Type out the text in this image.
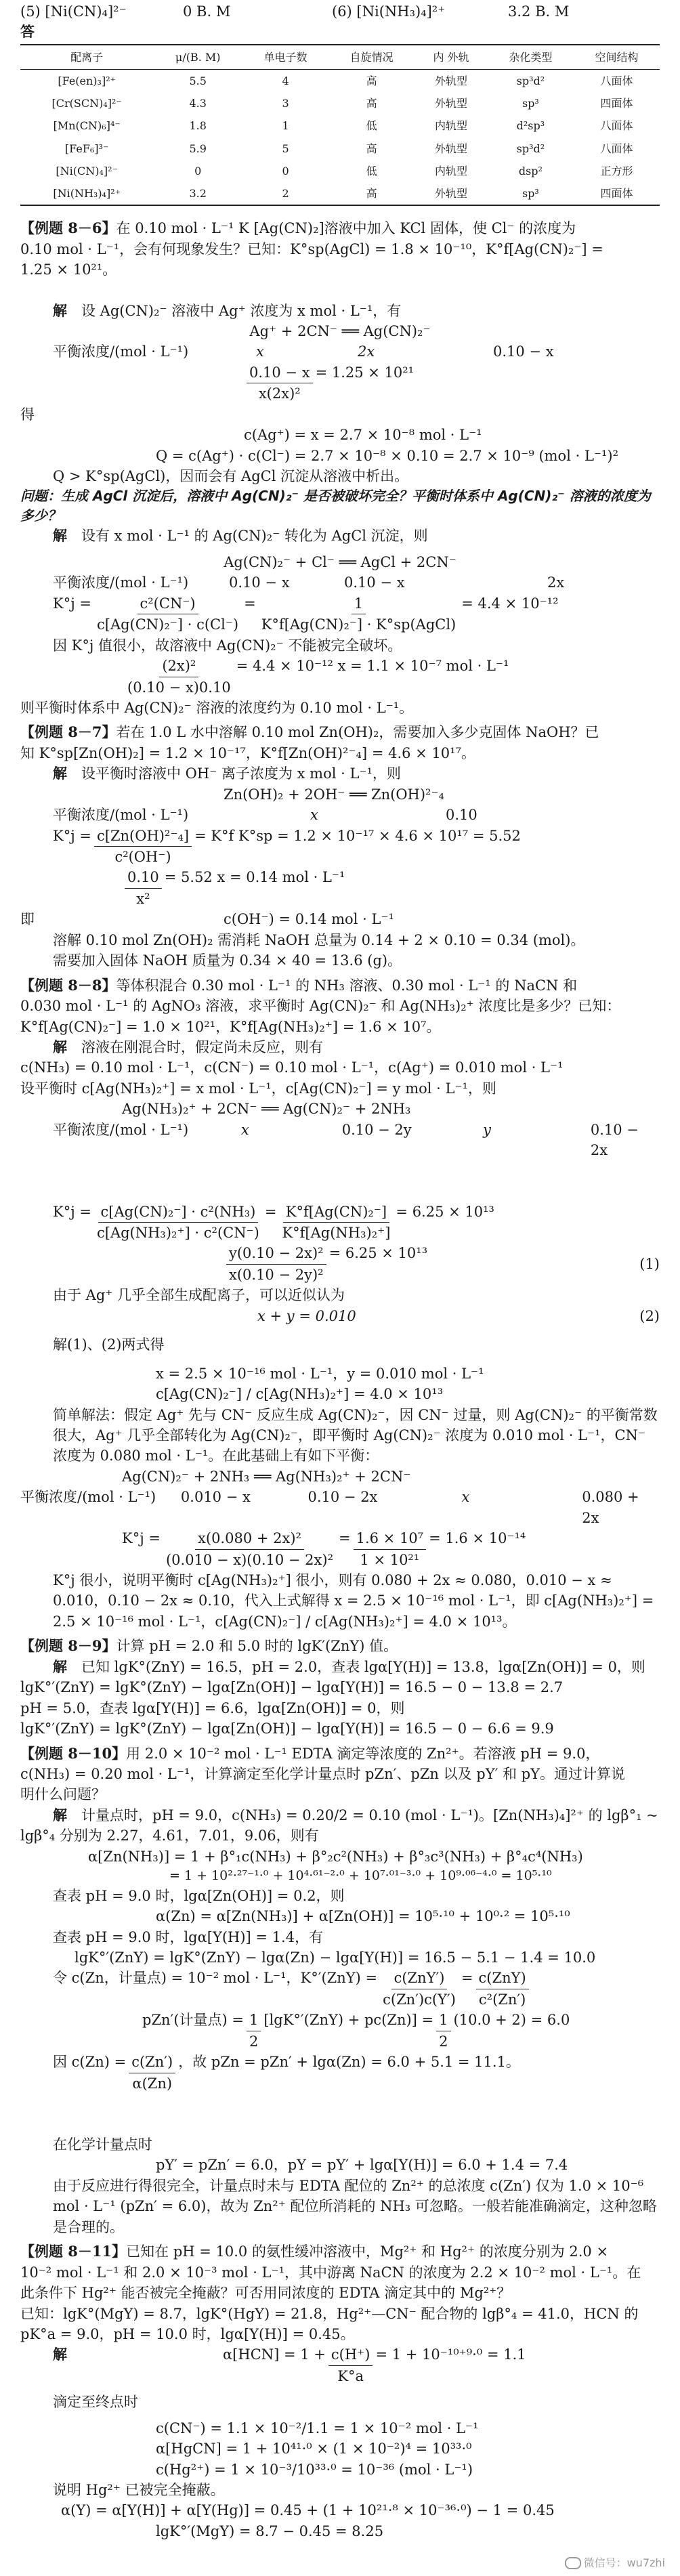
(5) [Ni(CN)₄]²⁻	0 B. M	(6) [Ni(NH₃)₄]²⁺	3.2 B. M
答
配离子	μ/(B. M)	单电子数	自旋情况	内 外轨	杂化类型	空间结构
[Fe(en)₃]²⁺	5.5	4	高	外轨型	sp³d²	八面体
[Cr(SCN)₄]²⁻	4.3	3	高	外轨型	sp³	四面体
[Mn(CN)₆]⁴⁻	1.8	1	低	内轨型	d²sp³	八面体
[FeF₆]³⁻	5.9	5	高	外轨型	sp³d²	八面体
[Ni(CN)₄]²⁻	0	0	低	内轨型	dsp²	正方形
[Ni(NH₃)₄]²⁺	3.2	2	高	外轨型	sp³	四面体

【例题 8－6】在 0.10 mol · L⁻¹ K [Ag(CN)₂]溶液中加入 KCl 固体，使 Cl⁻ 的浓度为

0.10 mol · L⁻¹，会有何现象发生？已知：K°sp(AgCl) = 1.8 × 10⁻¹⁰，K°f[Ag(CN)₂⁻] =

1.25 × 10²¹。

解　 设 Ag(CN)₂⁻ 溶液中 Ag⁺ 浓度为 x mol · L⁻¹，有

Ag⁺ + 2CN⁻ ══ Ag(CN)₂⁻

平衡浓度/(mol · L⁻¹)	x	2x	0.10 − x
$\frac{0.10 - x}{\text{x(2x)²}} = 1.25 \times 10^{21}$

得

c(Ag⁺) = x = 2.7 × 10⁻⁸ mol · L⁻¹

Q = c(Ag⁺) · c(Cl⁻) = 2.7 × 10⁻⁸ × 0.10 = 2.7 × 10⁻⁹ (mol · L⁻¹)²

Q > K°sp(AgCl)，因而会有 AgCl 沉淀从溶液中析出。

问题：生成 AgCl 沉淀后，溶液中 Ag(CN)₂⁻ 是否被破坏完全？平衡时体系中 Ag(CN)₂⁻ 溶液的浓度为多少？

解　 设有 x mol · L⁻¹ 的 Ag(CN)₂⁻ 转化为 AgCl 沉淀，则

Ag(CN)₂⁻ + Cl⁻ ══ AgCl + 2CN⁻

平衡浓度/(mol · L⁻¹)	0.10 − x	0.10 − x	2x
$K^\circ j = \frac{\text{c²(CN⁻)}}{\text{c[Ag(CN)₂⁻] · c(Cl⁻)}} = \frac{1}{\text{K°f[Ag(CN)₂⁻] · K°sp(AgCl)}} = 4.4 \times 10^{-12}$

因 K°j 值很小，故溶液中 Ag(CN)₂⁻ 不能被完全破坏。

$\frac{\text{(2x)²}}{(0.10 - x)0.10} = 4.4 \times 10^{-12}$ x = 1.1 × 10⁻⁷ mol · L⁻¹

则平衡时体系中 Ag(CN)₂⁻ 溶液的浓度约为 0.10 mol · L⁻¹。

【例题 8－7】若在 1.0 L 水中溶解 0.10 mol Zn(OH)₂，需要加入多少克固体 NaOH？已

知 K°sp[Zn(OH)₂] = 1.2 × 10⁻¹⁷，K°f[Zn(OH)²⁻₄] = 4.6 × 10¹⁷。

解　 设平衡时溶液中 OH⁻ 离子浓度为 x mol · L⁻¹，则

Zn(OH)₂ + 2OH⁻ ══ Zn(OH)²⁻₄

平衡浓度/(mol · L⁻¹)	x	0.10
$K^\circ j = \frac{\text{c[Zn(OH)²⁻₄]}}{\text{c²(OH⁻)}} = K^\circ f$ K°sp = 1.2 × 10⁻¹⁷ × 4.6 × 10¹⁷ = 5.52
$\frac{0.10}{\text{x²}} = 5.52$ x = 0.14 mol · L⁻¹
即	c(OH⁻) = 0.14 mol · L⁻¹

溶解 0.10 mol Zn(OH)₂ 需消耗 NaOH 总量为 0.14 + 2 × 0.10 = 0.34 (mol)。

需要加入固体 NaOH 质量为 0.34 × 40 = 13.6 (g)。

【例题 8－8】等体积混合 0.30 mol · L⁻¹ 的 NH₃ 溶液、0.30 mol · L⁻¹ 的 NaCN 和

0.030 mol · L⁻¹ 的 AgNO₃ 溶液，求平衡时 Ag(CN)₂⁻ 和 Ag(NH₃)₂⁺ 浓度比是多少？已知：

K°f[Ag(CN)₂⁻] = 1.0 × 10²¹，K°f[Ag(NH₃)₂⁺] = 1.6 × 10⁷。

解　 溶液在刚混合时，假定尚未反应，则有

c(NH₃) = 0.10 mol · L⁻¹，c(CN⁻) = 0.10 mol · L⁻¹，c(Ag⁺) = 0.010 mol · L⁻¹

设平衡时 c[Ag(NH₃)₂⁺] = x mol · L⁻¹，c[Ag(CN)₂⁻] = y mol · L⁻¹，则

Ag(NH₃)₂⁺ + 2CN⁻ ══ Ag(CN)₂⁻ + 2NH₃

平衡浓度/(mol · L⁻¹)	x	0.10 − 2y	y	0.10 − 2x
$K^\circ j = \frac{\text{c[Ag(CN)₂⁻] · c²(NH₃)}}{\text{c[Ag(NH₃)₂⁺] · c²(CN⁻)}} = \frac{\text{K°f[Ag(CN)₂⁻]}}{\text{K°f[Ag(NH₃)₂⁺]}} = 6.25 \times 10^{13}$
$\frac{\text{y(0.10 − 2x)²}}{\text{x(0.10 − 2y)²}} = 6.25 \times 10^{13}$
(1)

由于 Ag⁺ 几乎全部生成配离子，可以近似认为

x + y = 0.010	(2)

解(1)、(2)两式得

x = 2.5 × 10⁻¹⁶ mol · L⁻¹，y = 0.010 mol · L⁻¹

c[Ag(CN)₂⁻] / c[Ag(NH₃)₂⁺] = 4.0 × 10¹³

简单解法：假定 Ag⁺ 先与 CN⁻ 反应生成 Ag(CN)₂⁻，因 CN⁻ 过量，则 Ag(CN)₂⁻ 的平衡常数很大，Ag⁺ 几乎全部转化为 Ag(CN)₂⁻，即平衡时 Ag(CN)₂⁻ 浓度为 0.010 mol · L⁻¹，CN⁻ 浓度为 0.080 mol · L⁻¹。在此基础上有如下平衡：

Ag(CN)₂⁻ + 2NH₃ ══ Ag(NH₃)₂⁺ + 2CN⁻

平衡浓度/(mol · L⁻¹)	0.010 − x	0.10 − 2x	x	0.080 + 2x
$K^\circ j = \frac{\text{x(0.080 + 2x)²}}{\text{(0.010 − x)(0.10 − 2x)²}} = \frac{\text{1.6 × 10⁷}}{\text{1 × 10²¹}} = 1.6 \times 10^{-14}$

K°j 很小，说明平衡时 c[Ag(NH₃)₂⁺] 很小，则有 0.080 + 2x ≈ 0.080，0.010 − x ≈ 0.010，0.10 − 2x ≈ 0.10，代入上式解得 x = 2.5 × 10⁻¹⁶ mol · L⁻¹，即 c[Ag(NH₃)₂⁺] = 2.5 × 10⁻¹⁶ mol · L⁻¹，c[Ag(CN)₂⁻] / c[Ag(NH₃)₂⁺] = 4.0 × 10¹³。

【例题 8－9】计算 pH = 2.0 和 5.0 时的 lgK′(ZnY) 值。

解　 已知 lgK°(ZnY) = 16.5，pH = 2.0，查表 lgα[Y(H)] = 13.8，lgα[Zn(OH)] = 0，则

lgK°′(ZnY) = lgK°(ZnY) − lgα[Zn(OH)] − lgα[Y(H)] = 16.5 − 0 − 13.8 = 2.7

pH = 5.0，查表 lgα[Y(H)] = 6.6，lgα[Zn(OH)] = 0，则

lgK°′(ZnY) = lgK°(ZnY) − lgα[Zn(OH)] − lgα[Y(H)] = 16.5 − 0 − 6.6 = 9.9

【例题 8－10】用 2.0 × 10⁻² mol · L⁻¹ EDTA 滴定等浓度的 Zn²⁺。若溶液 pH = 9.0，

c(NH₃) = 0.20 mol · L⁻¹，计算滴定至化学计量点时 pZn′、pZn 以及 pY′ 和 pY。通过计算说

明什么问题？

解　 计量点时，pH = 9.0，c(NH₃) = 0.20/2 = 0.10 (mol · L⁻¹)。[Zn(NH₃)₄]²⁺ 的 lgβ°₁ ~

lgβ°₄ 分别为 2.27，4.61，7.01，9.06，则有

α[Zn(NH₃)] = 1 + β°₁c(NH₃) + β°₂c²(NH₃) + β°₃c³(NH₃) + β°₄c⁴(NH₃)

= 1 + 10²·²⁷⁻¹·⁰ + 10⁴·⁶¹⁻²·⁰ + 10⁷·⁰¹⁻³·⁰ + 10⁹·⁰⁶⁻⁴·⁰ = 10⁵·¹⁰

查表 pH = 9.0 时，lgα[Zn(OH)] = 0.2，则

α(Zn) = α[Zn(NH₃)] + α[Zn(OH)] = 10⁵·¹⁰ + 10⁰·² = 10⁵·¹⁰

查表 pH = 9.0 时，lgα[Y(H)] = 1.4，有

lgK°′(ZnY) = lgK°(ZnY) − lgα(Zn) − lgα[Y(H)] = 16.5 − 5.1 − 1.4 = 10.0

令 c(Zn，计量点) = 10⁻² mol · L⁻¹，$K^\circ'(ZnY) = \frac{\text{c(ZnY′)}}{c(Zn')c(Y')} = \frac{\text{c(ZnY)}}{\text{c²(Zn′)}}$
pZn′(计量点) = $\frac{1}{2} [\lg K^\circ'(ZnY) + pc(Zn)] = \frac{1}{2} (10.0 + 2) = 6.0$
因 $c(Zn) = \frac{c(Zn')}{\alpha(Zn)}$ ，故 pZn = pZn′ + lgα(Zn) = 6.0 + 5.1 = 11.1。

在化学计量点时

pY′ = pZn′ = 6.0，pY = pY′ + lgα[Y(H)] = 6.0 + 1.4 = 7.4

由于反应进行得很完全，计量点时未与 EDTA 配位的 Zn²⁺ 的总浓度 c(Zn′) 仅为 1.0 × 10⁻⁶ mol · L⁻¹ (pZn′ = 6.0)，故为 Zn²⁺ 配位所消耗的 NH₃ 可忽略。一般若能准确滴定，这种忽略是合理的。

【例题 8－11】已知在 pH = 10.0 的氨性缓冲溶液中，Mg²⁺ 和 Hg²⁺ 的浓度分别为 2.0 ×

10⁻² mol · L⁻¹ 和 2.0 × 10⁻³ mol · L⁻¹，其中游离 NaCN 的浓度为 2.2 × 10⁻² mol · L⁻¹。在

此条件下 Hg²⁺ 能否被完全掩蔽？可否用同浓度的 EDTA 滴定其中的 Mg²⁺？

已知：lgK°(MgY) = 8.7，lgK°(HgY) = 21.8，Hg²⁺—CN⁻ 配合物的 lgβ°₄ = 41.0，HCN 的

pK°a = 9.0，pH = 10.0 时，lgα[Y(H)] = 0.45。

解	$\alpha[HCN] = 1 + \frac{c(H^+)}{K^\circ a} = 1 + 10^{-10+9}\cdot^0 = 1.1$

滴定至终点时

c(CN⁻) = 1.1 × 10⁻²/1.1 = 1 × 10⁻² mol · L⁻¹

α[HgCN] = 1 + 10⁴¹·⁰ × (1 × 10⁻²)⁴ = 10³³·⁰

c(Hg²⁺) = 1 × 10⁻³/10³³·⁰ = 10⁻³⁶ (mol · L⁻¹)

说明 Hg²⁺ 已被完全掩蔽。

α(Y) = α[Y(H)] + α[Y(Hg)] = 0.45 + (1 + 10²¹·⁸ × 10⁻³⁶·⁰) − 1 = 0.45

lgK°′(MgY) = 8.7 − 0.45 = 8.25

微信号：wu7zhi
